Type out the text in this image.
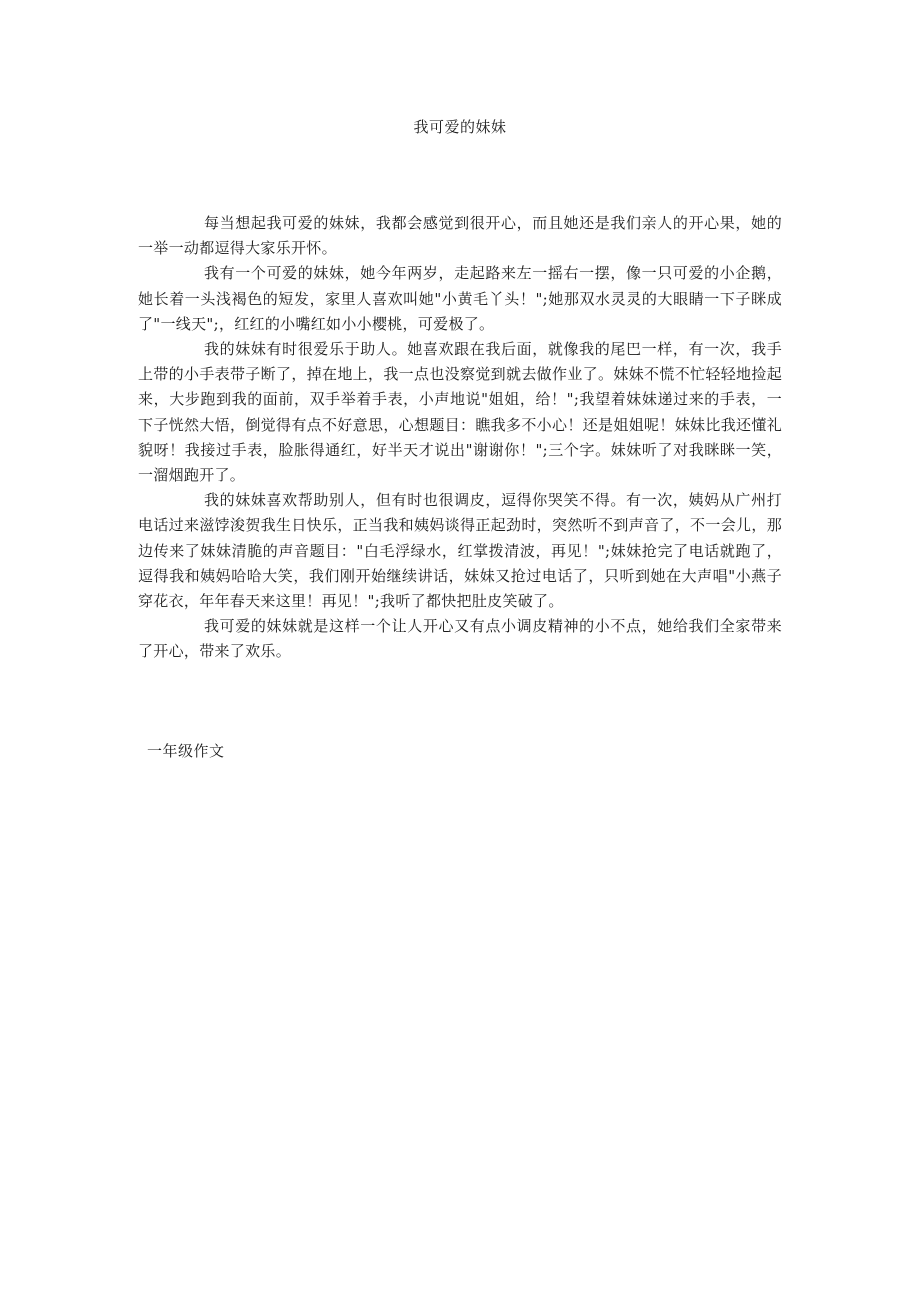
我可爱的妹妹

每当想起我可爱的妹妹，我都会感觉到很开心，而且她还是我们亲人的开心果，她的一举一动都逗得大家乐开怀。

我有一个可爱的妹妹，她今年两岁，走起路来左一摇右一摆，像一只可爱的小企鹅，她长着一头浅褐色的短发，家里人喜欢叫她"小黄毛丫头！";她那双水灵灵的大眼睛一下子眯成了"一线天";，红红的小嘴红如小小樱桃，可爱极了。

我的妹妹有时很爱乐于助人。她喜欢跟在我后面，就像我的尾巴一样，有一次，我手上带的小手表带子断了，掉在地上，我一点也没察觉到就去做作业了。妹妹不慌不忙轻轻地捡起来，大步跑到我的面前，双手举着手表，小声地说"姐姐，给！";我望着妹妹递过来的手表，一下子恍然大悟，倒觉得有点不好意思，心想题目：瞧我多不小心！还是姐姐呢！妹妹比我还懂礼貌呀！我接过手表，脸胀得通红，好半天才说出"谢谢你！";三个字。妹妹听了对我眯眯一笑，一溜烟跑开了。

我的妹妹喜欢帮助别人，但有时也很调皮，逗得你哭笑不得。有一次，姨妈从广州打电话过来滋饽浚贺我生日快乐，正当我和姨妈谈得正起劲时，突然听不到声音了，不一会儿，那边传来了妹妹清脆的声音题目："白毛浮绿水，红掌拨清波，再见！";妹妹抢完了电话就跑了，逗得我和姨妈哈哈大笑，我们刚开始继续讲话，妹妹又抢过电话了，只听到她在大声唱"小燕子穿花衣，年年春天来这里！再见！";我听了都快把肚皮笑破了。

我可爱的妹妹就是这样一个让人开心又有点小调皮精神的小不点，她给我们全家带来了开心，带来了欢乐。

一年级作文
